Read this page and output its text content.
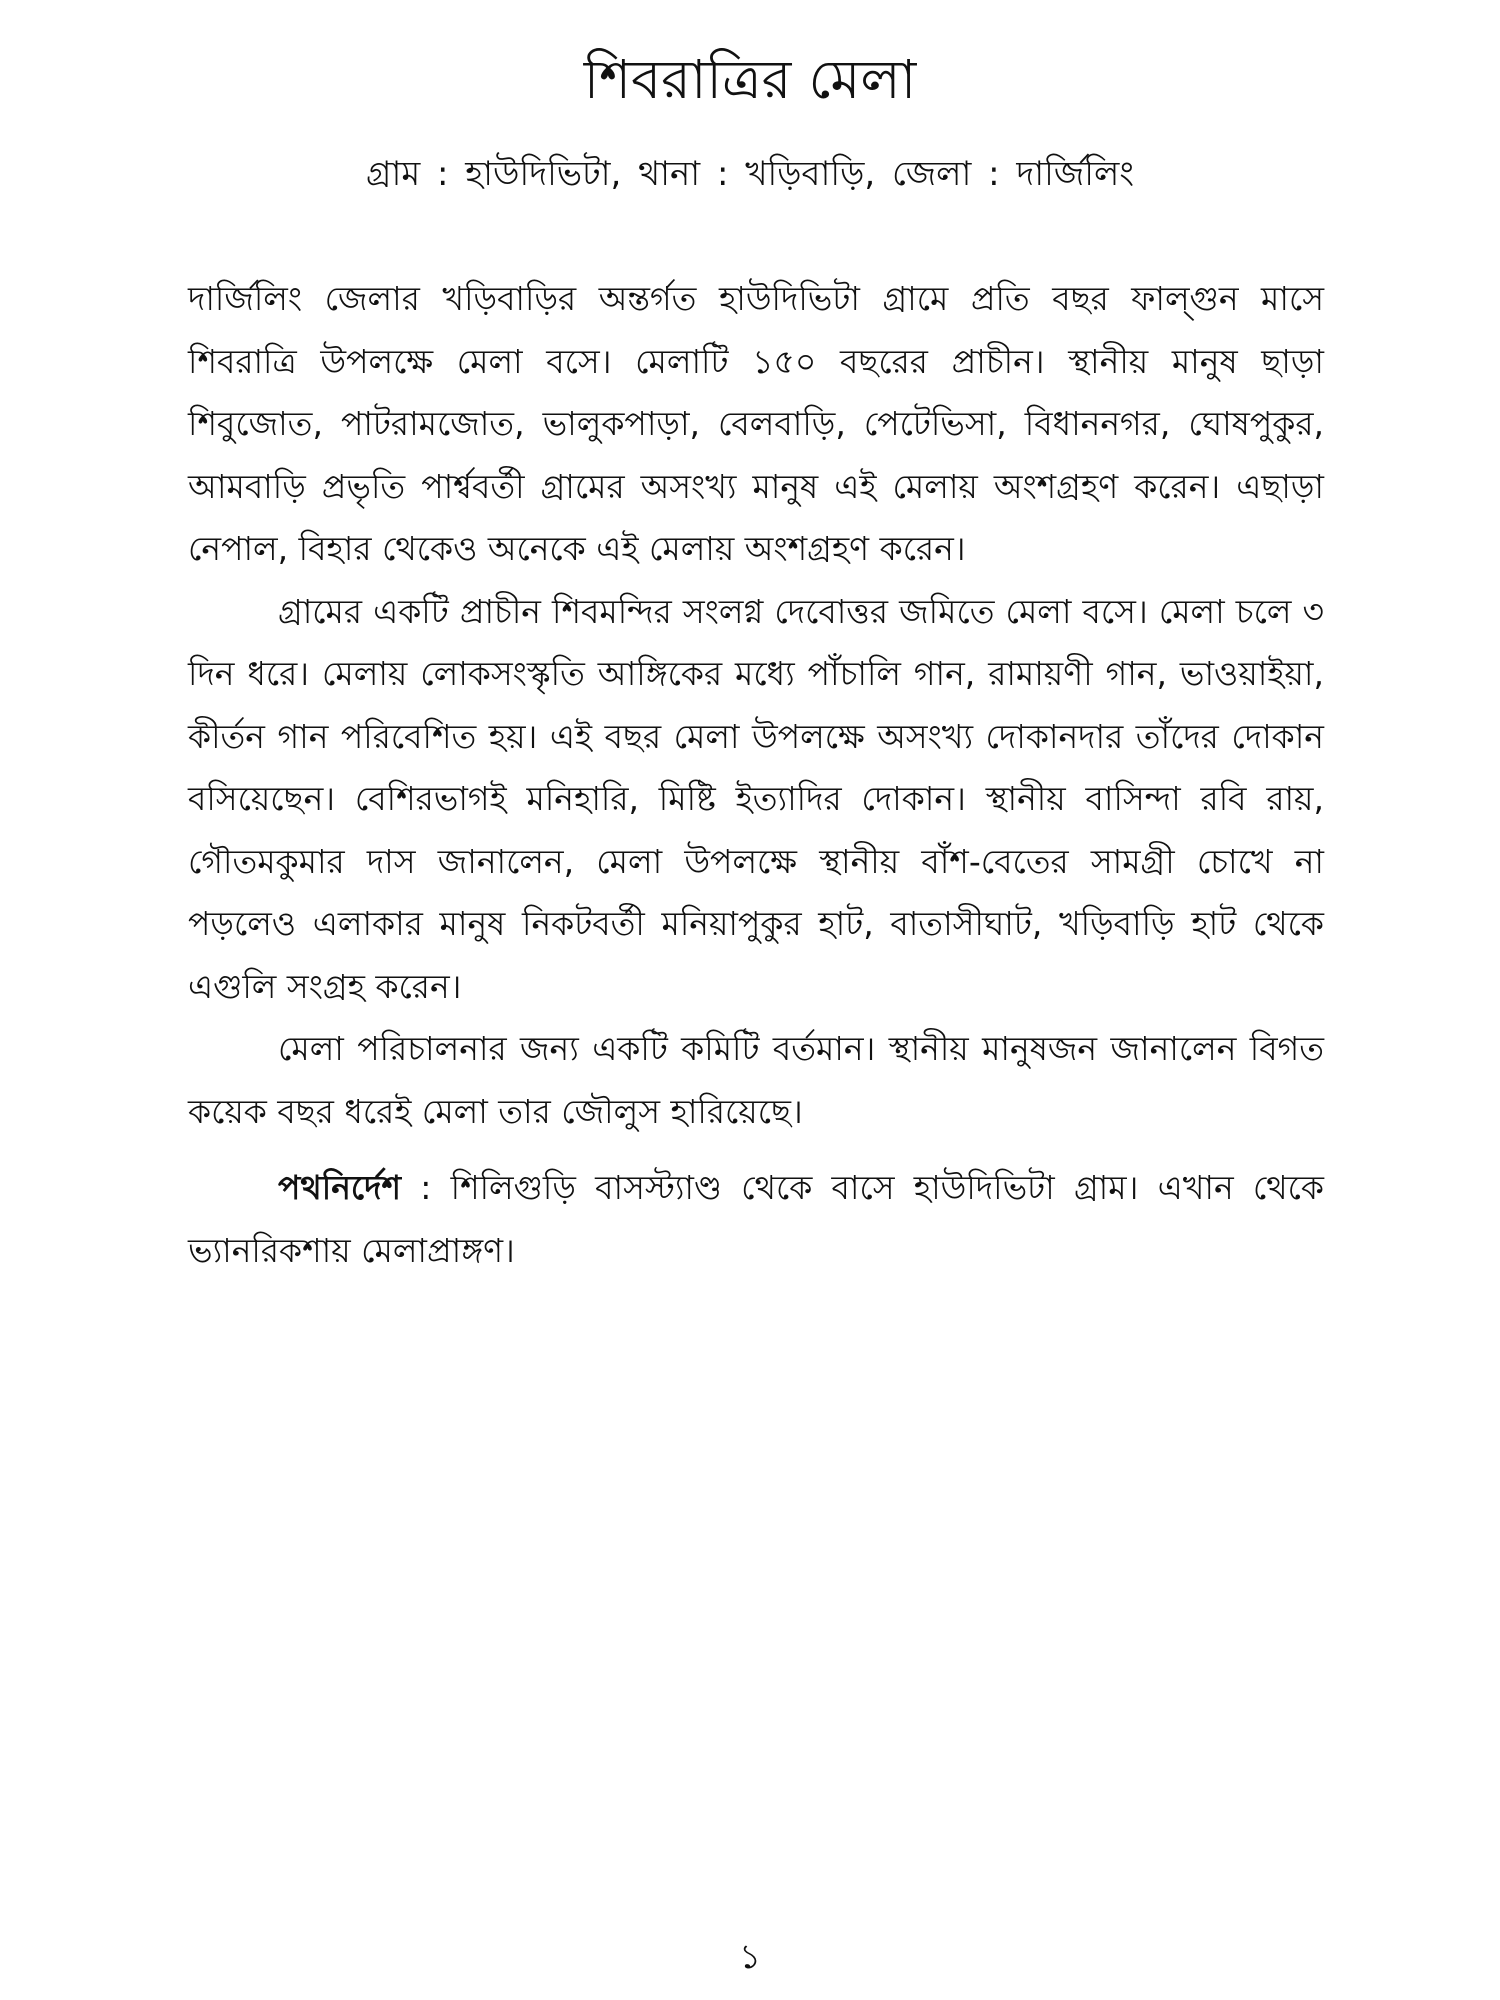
শিবরাত্রির মেলা
গ্রাম : হাউদিভিটা, থানা : খড়িবাড়ি, জেলা : দার্জিলিং

দার্জিলিং জেলার খড়িবাড়ির অন্তর্গত হাউদিভিটা গ্রামে প্রতি বছর ফাল্গুন মাসে শিবরাত্রি উপলক্ষে মেলা বসে। মেলাটি ১৫০ বছরের প্রাচীন। স্থানীয় মানুষ ছাড়া শিবুজোত, পাটরামজোত, ভালুকপাড়া, বেলবাড়ি, পেটেভিসা, বিধাননগর, ঘোষপুকুর, আমবাড়ি প্রভৃতি পার্শ্ববর্তী গ্রামের অসংখ্য মানুষ এই মেলায় অংশগ্রহণ করেন। এছাড়া নেপাল, বিহার থেকেও অনেকে এই মেলায় অংশগ্রহণ করেন।

গ্রামের একটি প্রাচীন শিবমন্দির সংলগ্ন দেবোত্তর জমিতে মেলা বসে। মেলা চলে ৩ দিন ধরে। মেলায় লোকসংস্কৃতি আঙ্গিকের মধ্যে পাঁচালি গান, রামায়ণী গান, ভাওয়াইয়া, কীর্তন গান পরিবেশিত হয়। এই বছর মেলা উপলক্ষে অসংখ্য দোকানদার তাঁদের দোকান বসিয়েছেন। বেশিরভাগই মনিহারি, মিষ্টি ইত্যাদির দোকান। স্থানীয় বাসিন্দা রবি রায়, গৌতমকুমার দাস জানালেন, মেলা উপলক্ষে স্থানীয় বাঁশ-বেতের সামগ্রী চোখে না পড়লেও এলাকার মানুষ নিকটবর্তী মনিয়াপুকুর হাট, বাতাসীঘাট, খড়িবাড়ি হাট থেকে এগুলি সংগ্রহ করেন।

মেলা পরিচালনার জন্য একটি কমিটি বর্তমান। স্থানীয় মানুষজন জানালেন বিগত কয়েক বছর ধরেই মেলা তার জৌলুস হারিয়েছে।

পথনির্দেশ : শিলিগুড়ি বাসস্ট্যাণ্ড থেকে বাসে হাউদিভিটা গ্রাম। এখান থেকে ভ্যানরিকশায় মেলাপ্রাঙ্গণ।

১
